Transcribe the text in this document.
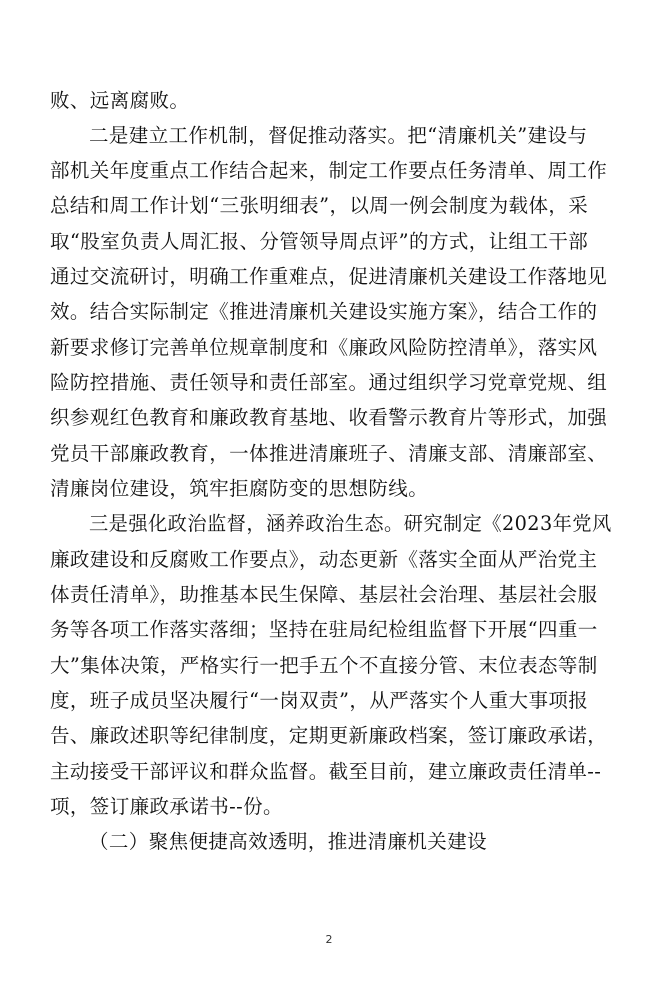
败、远离腐败。
二是建立工作机制，督促推动落实。把“清廉机关”建设与
部机关年度重点工作结合起来，制定工作要点任务清单、周工作
总结和周工作计划“三张明细表”，以周一例会制度为载体，采
取“股室负责人周汇报、分管领导周点评”的方式，让组工干部
通过交流研讨，明确工作重难点，促进清廉机关建设工作落地见
效。结合实际制定《推进清廉机关建设实施方案》，结合工作的
新要求修订完善单位规章制度和《廉政风险防控清单》，落实风
险防控措施、责任领导和责任部室。通过组织学习党章党规、组
织参观红色教育和廉政教育基地、收看警示教育片等形式，加强
党员干部廉政教育，一体推进清廉班子、清廉支部、清廉部室、
清廉岗位建设，筑牢拒腐防变的思想防线。
三是强化政治监督，涵养政治生态。研究制定《2023年党风
廉政建设和反腐败工作要点》，动态更新《落实全面从严治党主
体责任清单》，助推基本民生保障、基层社会治理、基层社会服
务等各项工作落实落细；坚持在驻局纪检组监督下开展“四重一
大”集体决策，严格实行一把手五个不直接分管、末位表态等制
度，班子成员坚决履行“一岗双责”，从严落实个人重大事项报
告、廉政述职等纪律制度，定期更新廉政档案，签订廉政承诺，
主动接受干部评议和群众监督。截至目前，建立廉政责任清单--
项，签订廉政承诺书--份。
（二）聚焦便捷高效透明，推进清廉机关建设
2
